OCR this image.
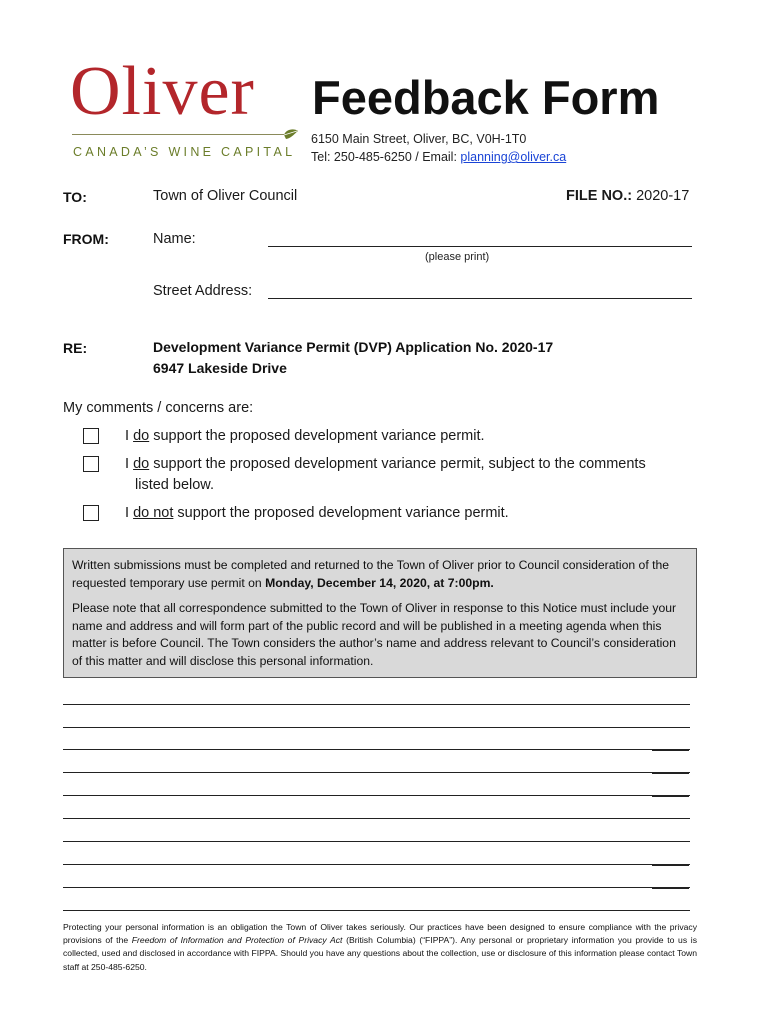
Oliver
CANADA’S WINE CAPITAL
Feedback Form
6150 Main Street, Oliver, BC, V0H-1T0
Tel: 250-485-6250 / Email: planning@oliver.ca
TO:	Town of Oliver Council	FILE NO.: 2020-17
FROM:	Name:
(please print)
Street Address:
RE:	Development Variance Permit (DVP) Application No. 2020-17
6947 Lakeside Drive
My comments / concerns are:
I do support the proposed development variance permit.
I do support the proposed development variance permit, subject to the comments
listed below.
I do not support the proposed development variance permit.

Written submissions must be completed and returned to the Town of Oliver prior to Council consideration of the requested temporary use permit on Monday, December 14, 2020, at 7:00pm.

Please note that all correspondence submitted to the Town of Oliver in response to this Notice must include your name and address and will form part of the public record and will be published in a meeting agenda when this matter is before Council. The Town considers the author’s name and address relevant to Council’s consideration of this matter and will disclose this personal information.

Protecting your personal information is an obligation the Town of Oliver takes seriously. Our practices have been designed to ensure compliance with the privacy provisions of the Freedom of Information and Protection of Privacy Act (British Columbia) (“FIPPA”). Any personal or proprietary information you provide to us is collected, used and disclosed in accordance with FIPPA. Should you have any questions about the collection, use or disclosure of this information please contact Town staff at 250-485-6250.
